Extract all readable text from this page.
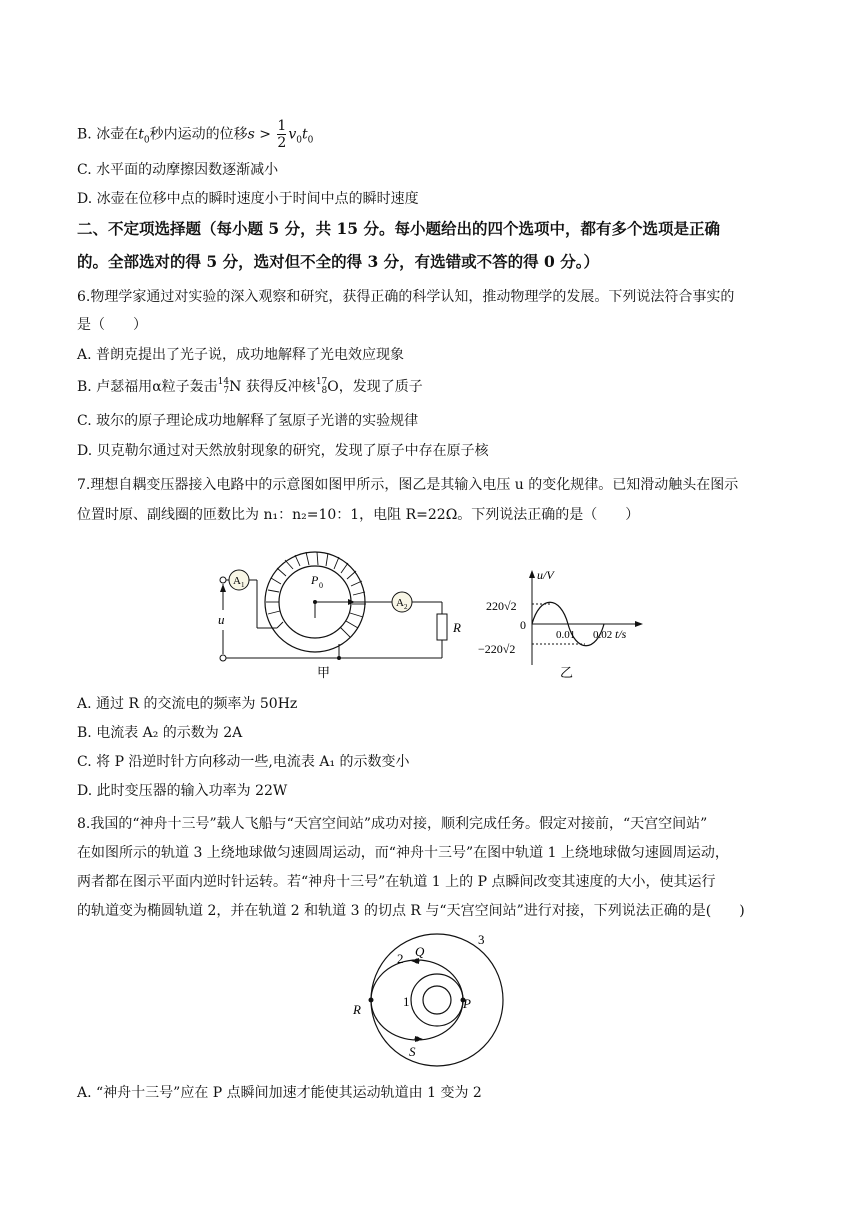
B. 冰壶在$t_0$秒内运动的位移$s > \frac{1}{2} v_0t_0$
C. 水平面的动摩擦因数逐渐减小
D. 冰壶在位移中点的瞬时速度小于时间中点的瞬时速度
二、不定项选择题（每小题 5 分，共 15 分。每小题给出的四个选项中，都有多个选项是正确
的。全部选对的得 5 分，选对但不全的得 3 分，有选错或不答的得 0 分。）
6.物理学家通过对实验的深入观察和研究，获得正确的科学认知，推动物理学的发展。下列说法符合事实的
是（　　）
A. 普朗克提出了光子说，成功地解释了光电效应现象
B. 卢瑟福用α粒子轰击 14
7 N 获得反冲核 17
8 O，发现了质子
C. 玻尔的原子理论成功地解释了氢原子光谱的实验规律
D. 贝克勒尔通过对天然放射现象的研究，发现了原子中存在原子核
7.理想自耦变压器接入电路中的示意图如图甲所示，图乙是其输入电压 u 的变化规律。已知滑动触头在图示
位置时原、副线圈的匝数比为 n₁：n₂=10：1，电阻 R=22Ω。下列说法正确的是（　　）
u
A 1	P 0
A 2
R
甲
u/V
t/s
220√2
0
−220√2
0.01 0.02
乙
A. 通过 R 的交流电的频率为 50Hz
B. 电流表 A₂ 的示数为 2A
C. 将 P 沿逆时针方向移动一些,电流表 A₁ 的示数变小
D. 此时变压器的输入功率为 22W
8.我国的“神舟十三号”载人飞船与“天宫空间站”成功对接，顺利完成任务。假定对接前，“天宫空间站”
在如图所示的轨道 3 上绕地球做匀速圆周运动，而“神舟十三号”在图中轨道 1 上绕地球做匀速圆周运动，
两者都在图示平面内逆时针运转。若“神舟十三号”在轨道 1 上的 P 点瞬间改变其速度的大小，使其运行
的轨道变为椭圆轨道 2，并在轨道 2 和轨道 3 的切点 R 与“天宫空间站”进行对接，下列说法正确的是(　　)
3
2 Q
1	P
R
S
A. “神舟十三号”应在 P 点瞬间加速才能使其运动轨道由 1 变为 2
